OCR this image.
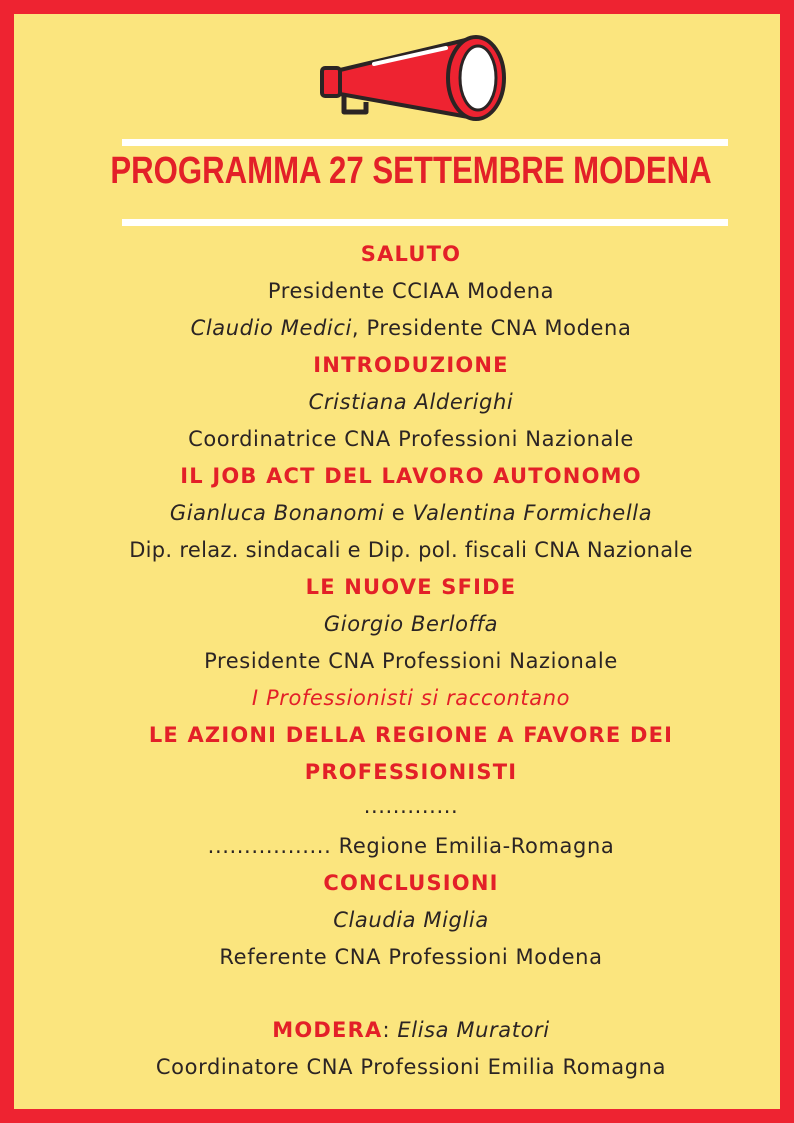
PROGRAMMA 27 SETTEMBRE MODENA
SALUTO
Presidente CCIAA Modena
Claudio Medici, Presidente CNA Modena
INTRODUZIONE
Cristiana Alderighi
Coordinatrice CNA Professioni Nazionale
IL JOB ACT DEL LAVORO AUTONOMO
Gianluca Bonanomi e Valentina Formichella
Dip. relaz. sindacali e Dip. pol. fiscali CNA Nazionale
LE NUOVE SFIDE
Giorgio Berloffa
Presidente CNA Professioni Nazionale
I Professionisti si raccontano
LE AZIONI DELLA REGIONE A FAVORE DEI
PROFESSIONISTI
.............
................. Regione Emilia-Romagna
CONCLUSIONI
Claudia Miglia
Referente CNA Professioni Modena
MODERA: Elisa Muratori
Coordinatore CNA Professioni Emilia Romagna
